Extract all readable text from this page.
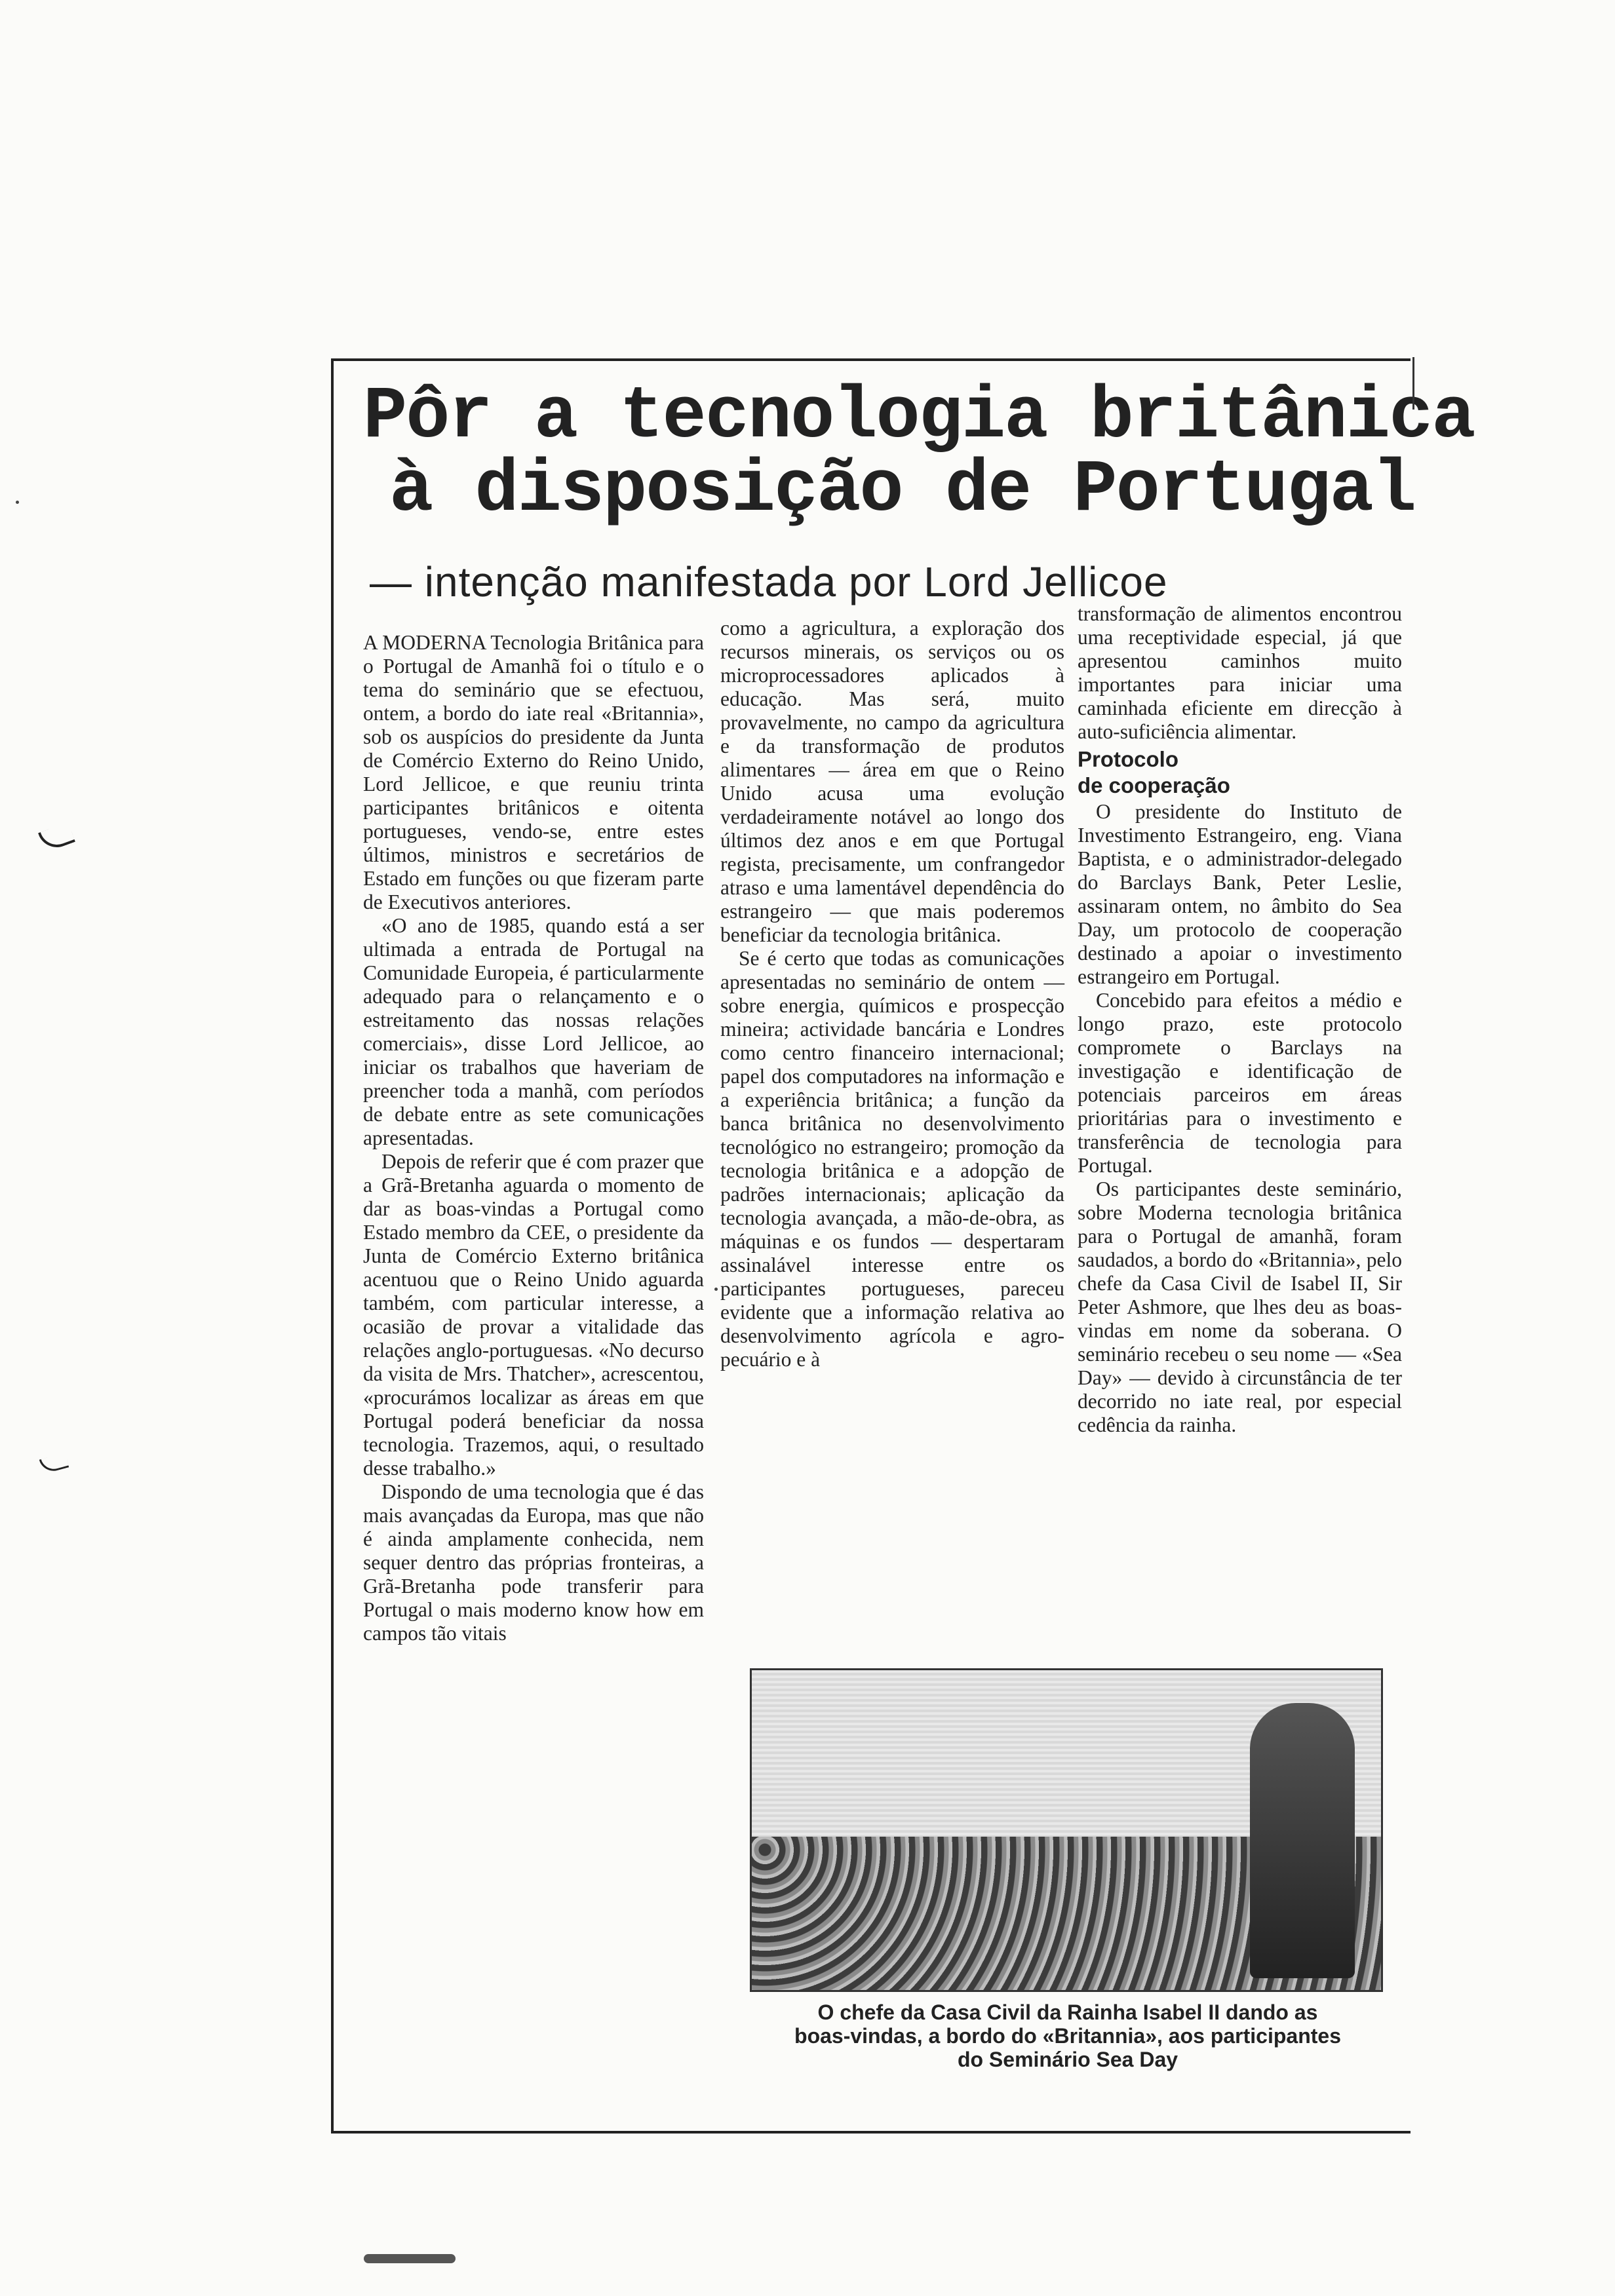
Pôr a tecnologia britânica
à disposição de Portugal
— intenção manifestada por Lord Jellicoe

A MODERNA Tecnologia Britânica para o Portugal de Amanhã foi o título e o tema do seminário que se efectuou, ontem, a bordo do iate real «Britannia», sob os auspícios do presidente da Junta de Comércio Externo do Reino Unido, Lord Jellicoe, e que reuniu trinta participantes britânicos e oitenta portugueses, vendo-se, entre estes últimos, ministros e secretários de Estado em funções ou que fizeram parte de Executivos anteriores.

«O ano de 1985, quando está a ser ultimada a entrada de Portugal na Comunidade Europeia, é particularmente adequado para o relançamento e o estreitamento das nossas relações comerciais», disse Lord Jellicoe, ao iniciar os trabalhos que haveriam de preencher toda a manhã, com períodos de debate entre as sete comunicações apresentadas.

Depois de referir que é com prazer que a Grã-Bretanha aguarda o momento de dar as boas-vindas a Portugal como Estado membro da CEE, o presidente da Junta de Comércio Externo britânica acentuou que o Reino Unido aguarda também, com particular interesse, a ocasião de provar a vitalidade das relações anglo-portuguesas. «No decurso da visita de Mrs. Thatcher», acrescentou, «procurámos localizar as áreas em que Portugal poderá beneficiar da nossa tecnologia. Trazemos, aqui, o resultado desse trabalho.»

Dispondo de uma tecnologia que é das mais avançadas da Europa, mas que não é ainda amplamente conhecida, nem sequer dentro das próprias fronteiras, a Grã-Bretanha pode transferir para Portugal o mais moderno know how em campos tão vitais

como a agricultura, a exploração dos recursos minerais, os serviços ou os microprocessadores aplicados à educação. Mas será, muito provavelmente, no campo da agricultura e da transformação de produtos alimentares — área em que o Reino Unido acusa uma evolução verdadeiramente notável ao longo dos últimos dez anos e em que Portugal regista, precisamente, um confrangedor atraso e uma lamentável dependência do estrangeiro — que mais poderemos beneficiar da tecnologia britânica.

Se é certo que todas as comunicações apresentadas no seminário de ontem — sobre energia, químicos e prospecção mineira; actividade bancária e Londres como centro financeiro internacional; papel dos computadores na informação e a experiência britânica; a função da banca britânica no desenvolvimento tecnológico no estrangeiro; promoção da tecnologia britânica e a adopção de padrões internacionais; aplicação da tecnologia avançada, a mão-de-obra, as máquinas e os fundos — despertaram assinalável interesse entre os participantes portugueses, pareceu evidente que a informação relativa ao desenvolvimento agrícola e agro-pecuário e à

transformação de alimentos encontrou uma receptividade especial, já que apresentou caminhos muito importantes para iniciar uma caminhada eficiente em direcção à auto-suficiência alimentar.

Protocolo
de cooperação

O presidente do Instituto de Investimento Estrangeiro, eng. Viana Baptista, e o administrador-delegado do Barclays Bank, Peter Leslie, assinaram ontem, no âmbito do Sea Day, um protocolo de cooperação destinado a apoiar o investimento estrangeiro em Portugal.

Concebido para efeitos a médio e longo prazo, este protocolo compromete o Barclays na investigação e identificação de potenciais parceiros em áreas prioritárias para o investimento e transferência de tecnologia para Portugal.

Os participantes deste seminário, sobre Moderna tecnologia britânica para o Portugal de amanhã, foram saudados, a bordo do «Britannia», pelo chefe da Casa Civil de Isabel II, Sir Peter Ashmore, que lhes deu as boas-vindas em nome da soberana. O seminário recebeu o seu nome — «Sea Day» — devido à circunstância de ter decorrido no iate real, por especial cedência da rainha.

O chefe da Casa Civil da Rainha Isabel II dando as
boas-vindas, a bordo do «Britannia», aos participantes
do Seminário Sea Day
